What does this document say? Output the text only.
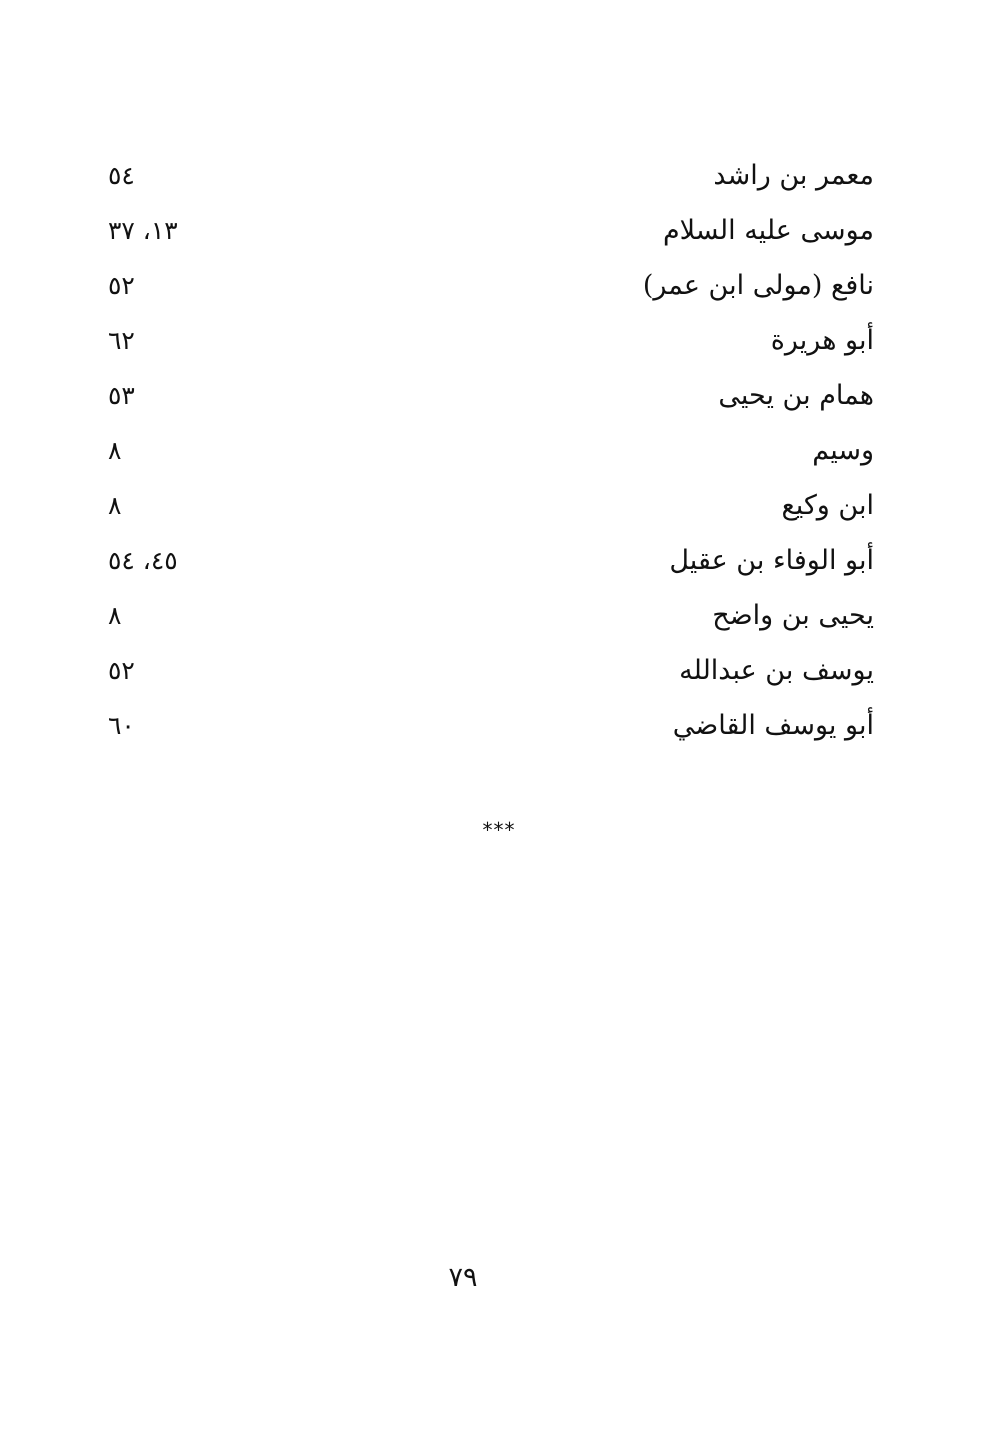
معمر بن راشد
٥٤
موسى عليه السلام
١٣، ٣٧
نافع (مولى ابن عمر)
٥٢
أبو هريرة
٦٢
همام بن يحيى
٥٣
وسيم
٨
ابن وكيع
٨
أبو الوفاء بن عقيل
٤٥، ٥٤
يحيى بن واضح
٨
يوسف بن عبدالله
٥٢
أبو يوسف القاضي
٦٠
***
٧٩
